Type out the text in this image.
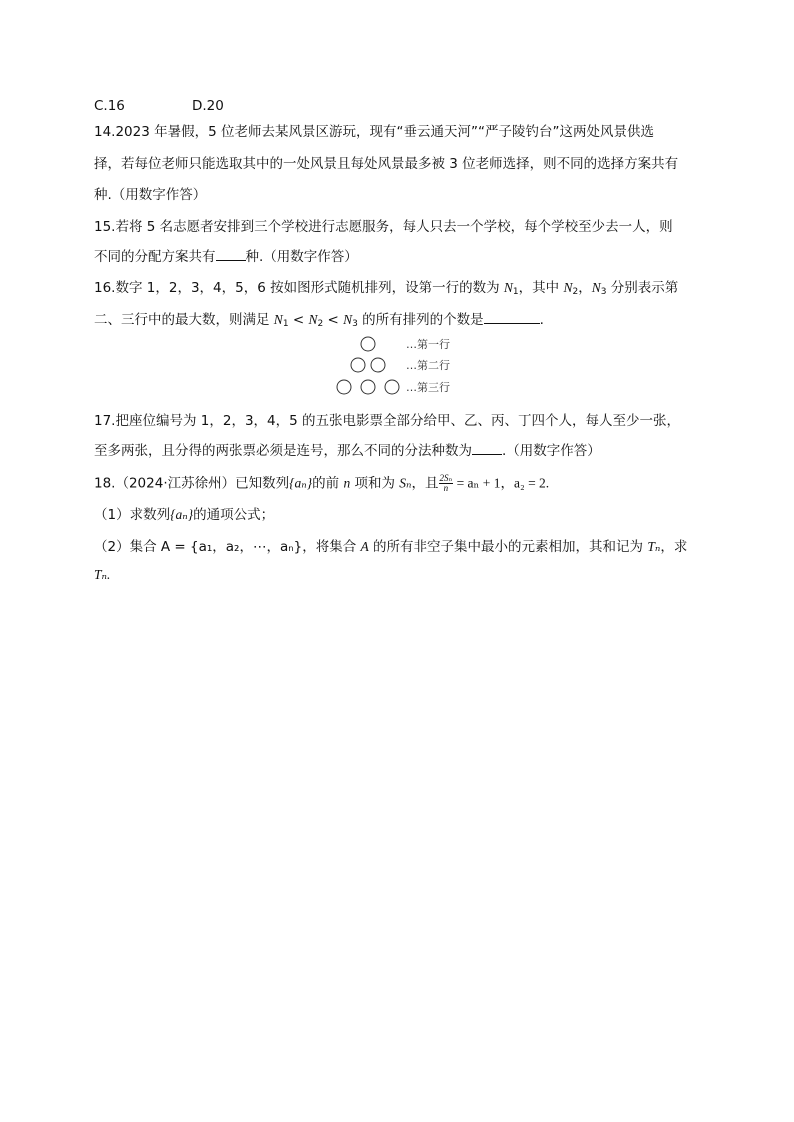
C.16	D.20
14.2023 年暑假，5 位老师去某风景区游玩，现有“垂云通天河”“严子陵钓台”这两处风景供选
择，若每位老师只能选取其中的一处风景且每处风景最多被 3 位老师选择，则不同的选择方案共有
种.（用数字作答）
15.若将 5 名志愿者安排到三个学校进行志愿服务，每人只去一个学校，每个学校至少去一人，则
不同的分配方案共有 种.（用数字作答）
16.数字 1，2，3，4，5，6 按如图形式随机排列，设第一行的数为 $N_1$，其中 $N_2$，$N_3$ 分别表示第
二、三行中的最大数，则满足 $N_1 < N_2 < N_3$ 的所有排列的个数是	.
…第一行
…第二行
…第三行
17.把座位编号为 1，2，3，4，5 的五张电影票全部分给甲、乙、丙、丁四个人，每人至少一张，
至多两张，且分得的两张票必须是连号，那么不同的分法种数为 .（用数字作答）
18.（2024·江苏徐州）已知数列{aₙ}的前 n 项和为 Sₙ，且 $\frac{\text{2Sₙ}}{n} = a_n + 1$，a₂ = 2.
（1）求数列{aₙ}的通项公式；
（2）集合 A = {a₁，a₂，⋯，aₙ}，将集合 A 的所有非空子集中最小的元素相加，其和记为 Tₙ，求
Tₙ.
